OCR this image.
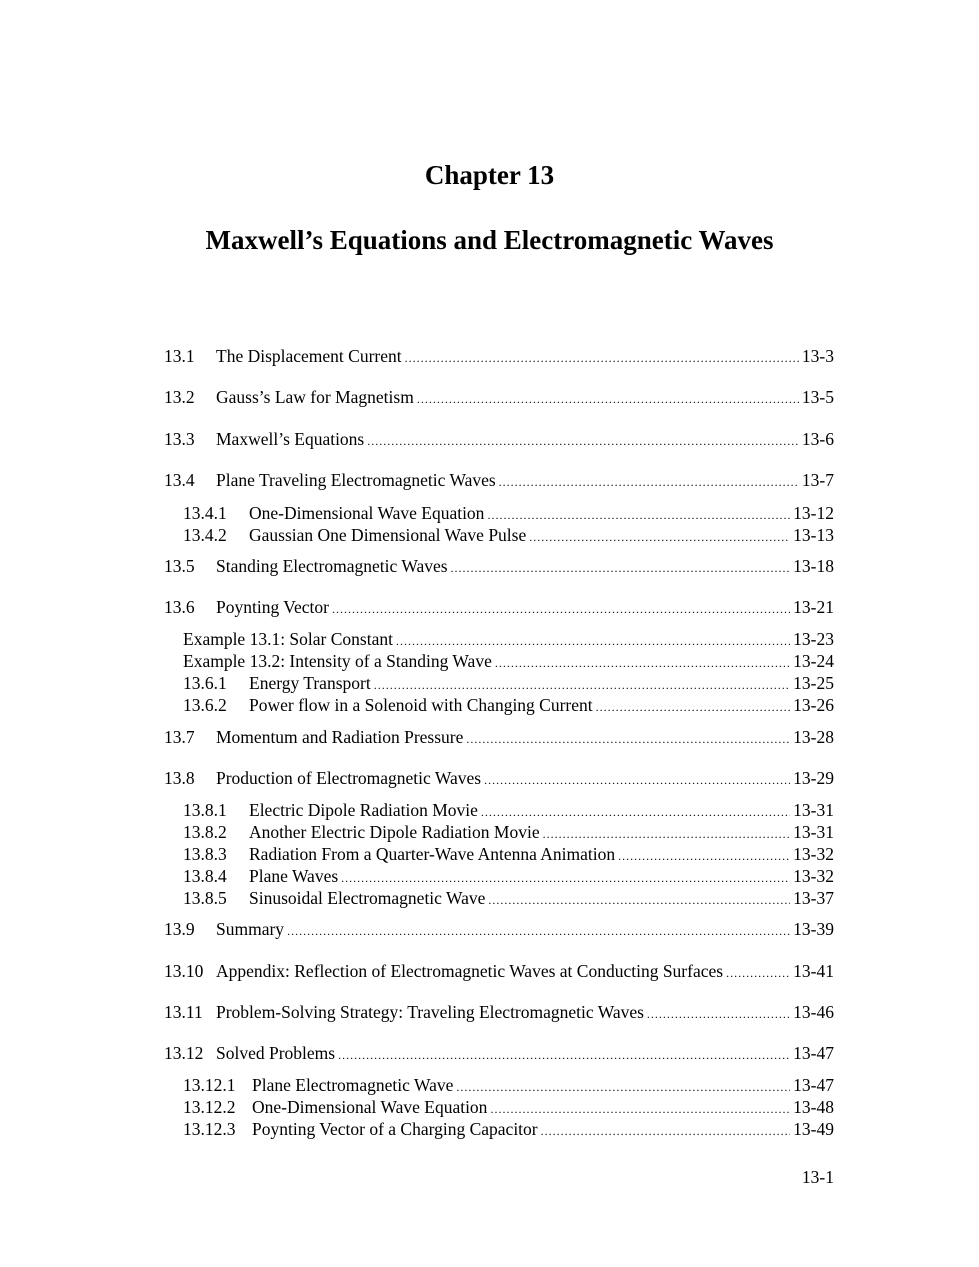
Chapter 13
Maxwell’s Equations and Electromagnetic Waves
13.1	The Displacement Current .....	13-3
13.2	Gauss’s Law for Magnetism .....	13-5
13.3	Maxwell’s Equations .....	13-6
13.4	Plane Traveling Electromagnetic Waves .....	13-7
13.4.1	One-Dimensional Wave Equation .....	13-12
13.4.2	Gaussian One Dimensional Wave Pulse .....	13-13
13.5	Standing Electromagnetic Waves .....	13-18
13.6	Poynting Vector .....	13-21
Example 13.1: Solar Constant .....	13-23
Example 13.2: Intensity of a Standing Wave .....	13-24
13.6.1	Energy Transport .....	13-25
13.6.2	Power flow in a Solenoid with Changing Current .....	13-26
13.7	Momentum and Radiation Pressure .....	13-28
13.8	Production of Electromagnetic Waves .....	13-29
13.8.1	Electric Dipole Radiation Movie .....	13-31
13.8.2	Another Electric Dipole Radiation Movie .....	13-31
13.8.3	Radiation From a Quarter-Wave Antenna Animation .....	13-32
13.8.4	Plane Waves .....	13-32
13.8.5	Sinusoidal Electromagnetic Wave .....	13-37
13.9	Summary .....	13-39
13.10 Appendix: Reflection of Electromagnetic Waves at Conducting Surfaces .....	13-41
13.11 Problem-Solving Strategy: Traveling Electromagnetic Waves .....	13-46
13.12 Solved Problems .....	13-47
13.12.1 Plane Electromagnetic Wave .....	13-47
13.12.2 One-Dimensional Wave Equation .....	13-48
13.12.3 Poynting Vector of a Charging Capacitor .....	13-49
13-1
